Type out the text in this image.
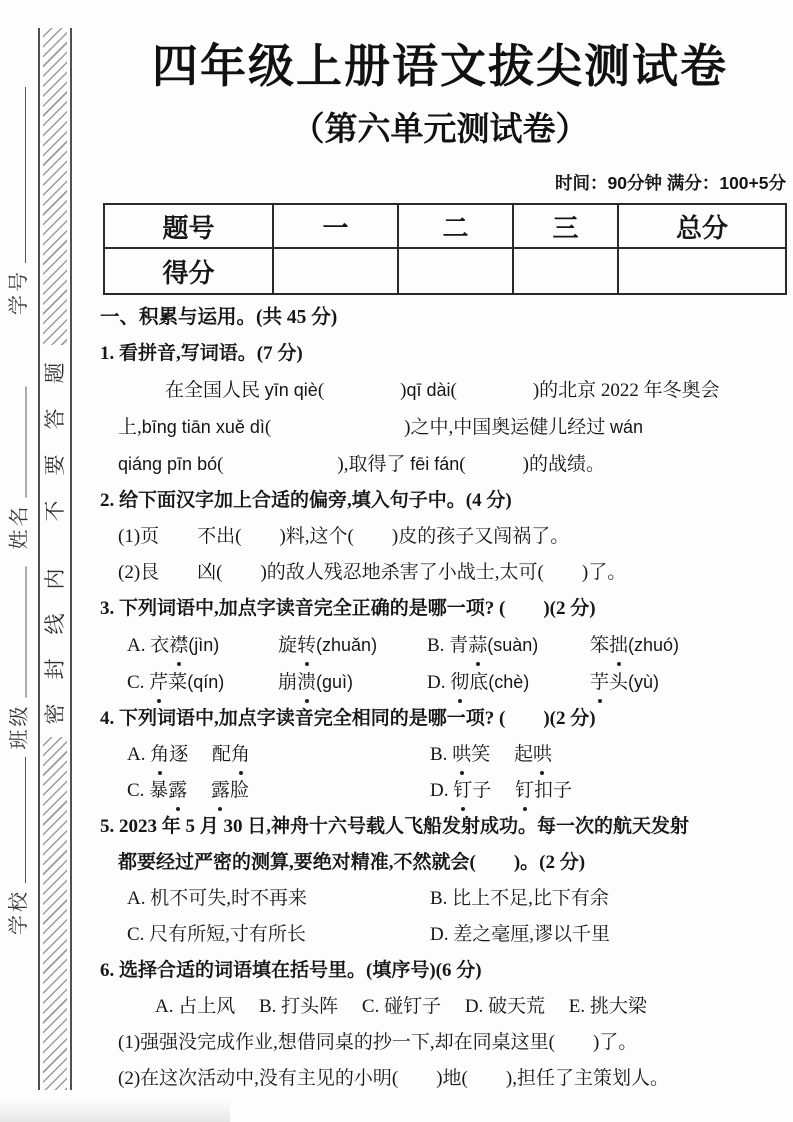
学号
姓名
班级
学校
题
答
要
不
内
线
封
密
四年级上册语文拔尖测试卷
（第六单元测试卷）
时间：90分钟 满分：100+5分
题号	一	二	三	总分
得分				
一、积累与运用。(共 45 分)
1. 看拼音,写词语。(7 分)
在全国人民 yīn qiè(　　　　)qī dài(　　　　)的北京 2022 年冬奥会
上,bīng tiān xuě dì(　　　　　　　)之中,中国奥运健儿经过 wán
qiáng pīn bó(　　　　　　),取得了 fēi fán(　　　)的战绩。
2. 给下面汉字加上合适的偏旁,填入句子中。(4 分)
(1)页　　不出(　　)料,这个(　　)皮的孩子又闯祸了。
(2)艮　　凶(　　)的敌人残忍地杀害了小战士,太可(　　)了。
3. 下列词语中,加点字读音完全正确的是哪一项? (　　)(2 分)
A. 衣襟(jìn)	旋转(zhuǎn)	B. 青蒜(suàn)	笨拙(zhuó)
C. 芹菜(qín)	崩溃(guì)	D. 彻底(chè)	芋头(yù)
4. 下列词语中,加点字读音完全相同的是哪一项? (　　)(2 分)
A. 角逐　 配角	B. 哄笑　 起哄
C. 暴露　 露脸	D. 钉子　 钉扣子
5. 2023 年 5 月 30 日,神舟十六号载人飞船发射成功。每一次的航天发射
都要经过严密的测算,要绝对精准,不然就会(　　)。(2 分)
A. 机不可失,时不再来	B. 比上不足,比下有余
C. 尺有所短,寸有所长	D. 差之毫厘,谬以千里
6. 选择合适的词语填在括号里。(填序号)(6 分)
A. 占上风　 B. 打头阵　 C. 碰钉子　 D. 破天荒　 E. 挑大梁
(1)强强没完成作业,想借同桌的抄一下,却在同桌这里(　　)了。
(2)在这次活动中,没有主见的小明(　　)地(　　),担任了主策划人。
